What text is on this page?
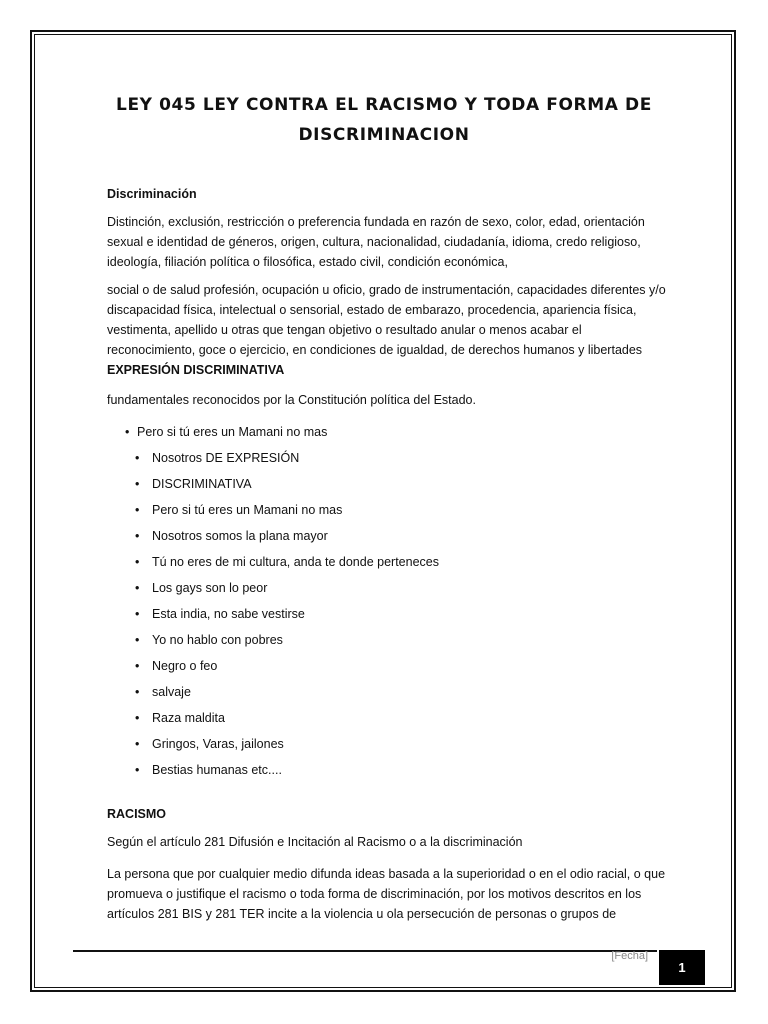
LEY 045 LEY CONTRA EL RACISMO Y TODA FORMA DE
DISCRIMINACION
Discriminación

Distinción, exclusión, restricción o preferencia fundada en razón de sexo, color, edad, orientación sexual e identidad de géneros, origen, cultura, nacionalidad, ciudadanía, idioma, credo religioso, ideología, filiación política o filosófica, estado civil, condición económica,

social o de salud profesión, ocupación u oficio, grado de instrumentación, capacidades diferentes y/o discapacidad física, intelectual o sensorial, estado de embarazo, procedencia, apariencia física, vestimenta, apellido u otras que tengan objetivo o resultado anular o menos acabar el reconocimiento, goce o ejercicio, en condiciones de igualdad, de derechos humanos y libertades
EXPRESIÓN DISCRIMINATIVA

fundamentales reconocidos por la Constitución política del Estado.

• Pero si tú eres un Mamani no mas
• Nosotros DE EXPRESIÓN
• DISCRIMINATIVA
• Pero si tú eres un Mamani no mas
• Nosotros somos la plana mayor
• Tú no eres de mi cultura, anda te donde perteneces
• Los gays son lo peor
• Esta india, no sabe vestirse
• Yo no hablo con pobres
• Negro o feo
• salvaje
• Raza maldita
• Gringos, Varas, jailones
• Bestias humanas etc....
RACISMO

Según el artículo 281 Difusión e Incitación al Racismo o a la discriminación

La persona que por cualquier medio difunda ideas basada a la superioridad o en el odio racial, o que promueva o justifique el racismo o toda forma de discriminación, por los motivos descritos en los artículos 281 BIS y 281 TER incite a la violencia u ola persecución de personas o grupos de

[Fecha]
1
